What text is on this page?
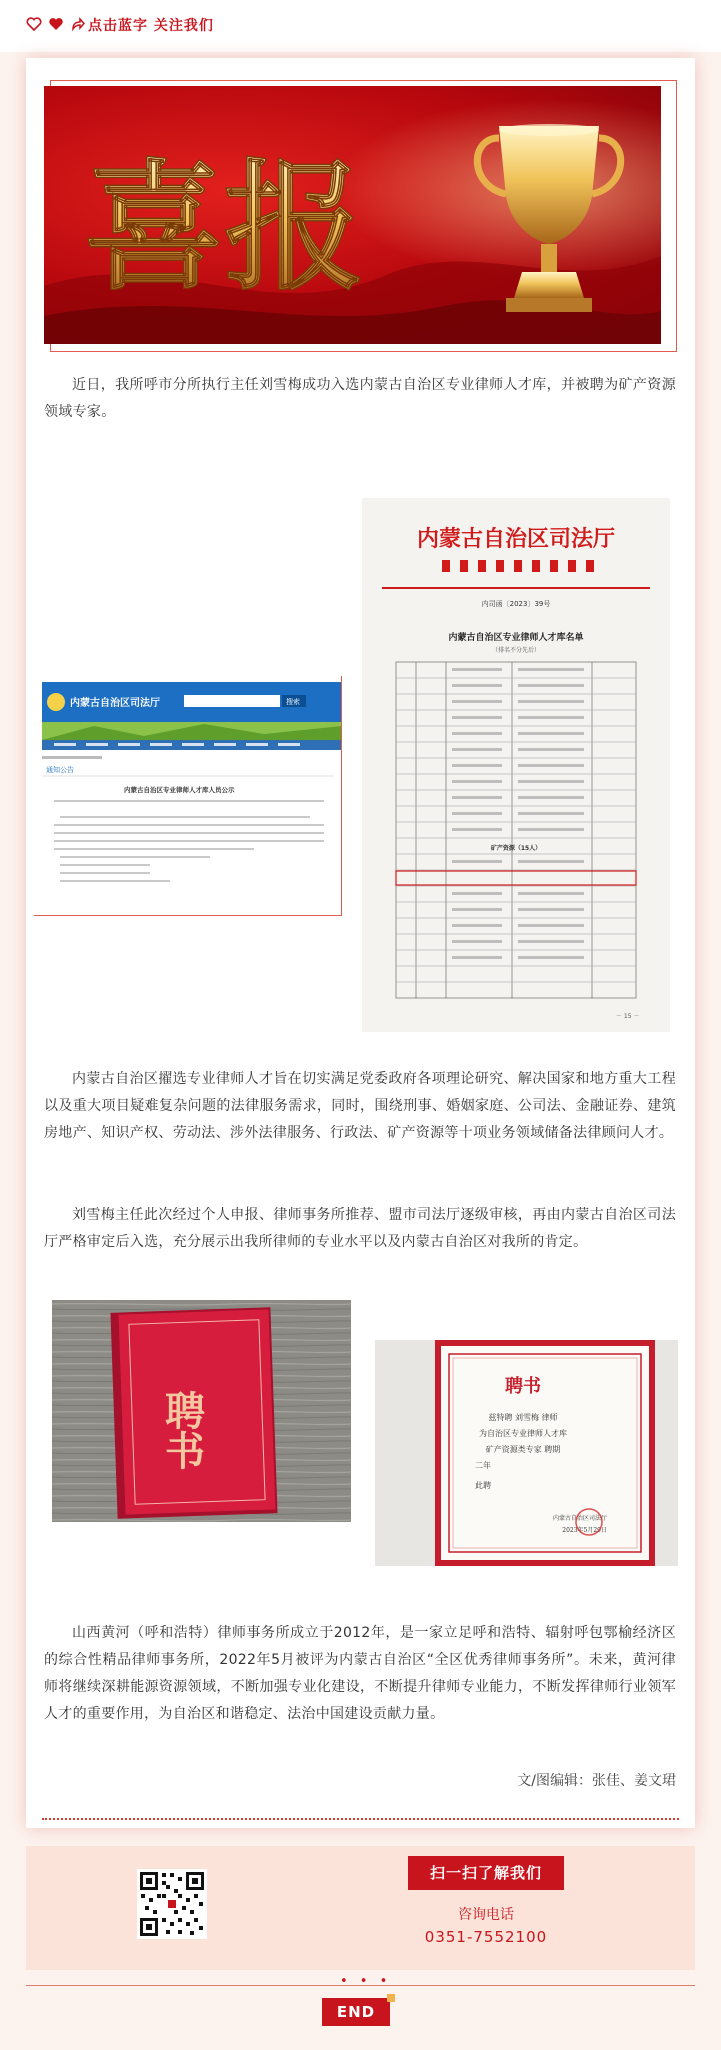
点击蓝字 关注我们
喜报

近日，我所呼市分所执行主任刘雪梅成功入选内蒙古自治区专业律师人才库，并被聘为矿产资源领域专家。

内蒙古自治区司法厅	搜索
通知公告
内蒙古自治区专业律师人才库人员公示
内蒙古自治区司法厅
内司函〔2023〕39号
内蒙古自治区专业律师人才库名单
（排名不分先后）
矿产资源（15人）
－ 15 －

内蒙古自治区擢选专业律师人才旨在切实满足党委政府各项理论研究、解决国家和地方重大工程以及重大项目疑难复杂问题的法律服务需求，同时，围绕刑事、婚姻家庭、公司法、金融证券、建筑房地产、知识产权、劳动法、涉外法律服务、行政法、矿产资源等十项业务领域储备法律顾问人才。

刘雪梅主任此次经过个人申报、律师事务所推荐、盟市司法厅逐级审核，再由内蒙古自治区司法厅严格审定后入选，充分展示出我所律师的专业水平以及内蒙古自治区对我所的肯定。

聘书
聘书
兹特聘 刘雪梅 律师
为自治区专业律师人才库
矿产资源类专家 聘期
二年
此聘
内蒙古自治区司法厅
2023年5月29日

山西黄河（呼和浩特）律师事务所成立于2012年，是一家立足呼和浩特、辐射呼包鄂榆经济区的综合性精品律师事务所，2022年5月被评为内蒙古自治区“全区优秀律师事务所”。未来，黄河律师将继续深耕能源资源领域，不断加强专业化建设，不断提升律师专业能力，不断发挥律师行业领军人才的重要作用，为自治区和谐稳定、法治中国建设贡献力量。

文/图编辑：张佳、姜文珺
扫一扫了解我们
咨询电话
0351-7552100
• • •
END
